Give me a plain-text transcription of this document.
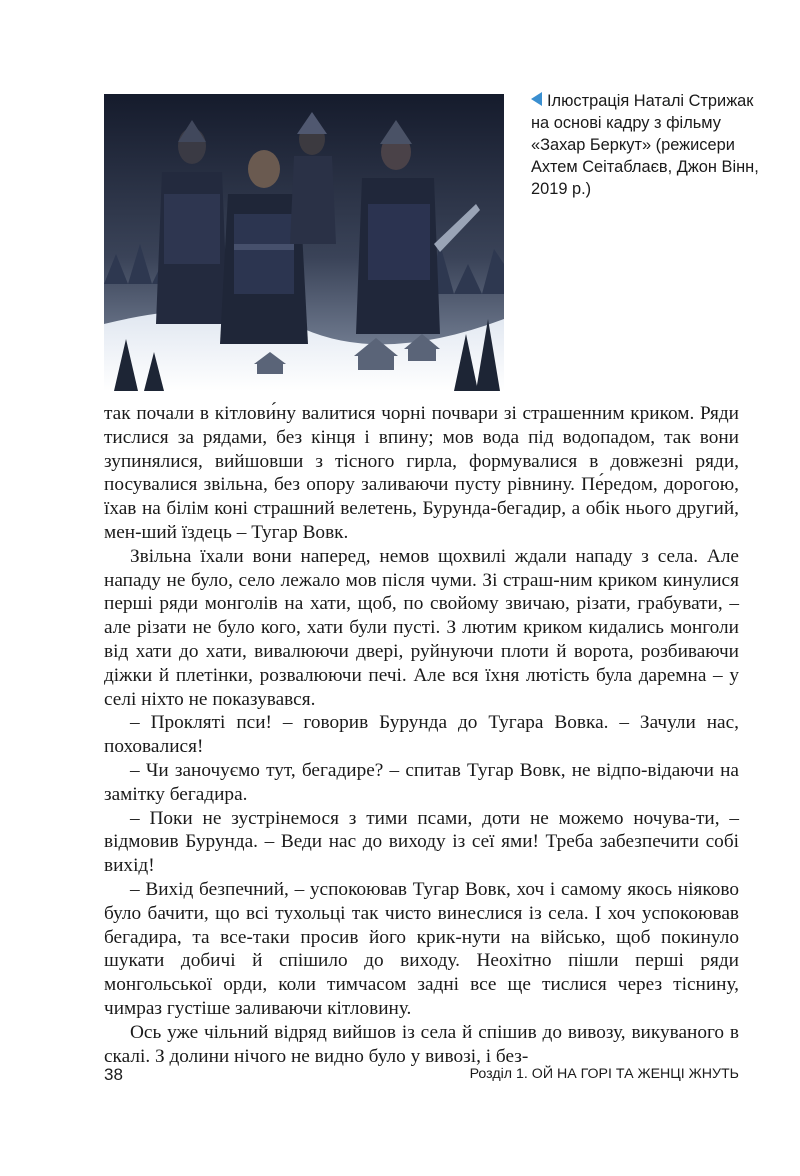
Ілюстрація Наталі Стрижак на основі кадру з фільму «Захар Беркут» (режисери Ахтем Сеітаблаєв, Джон Вінн, 2019 р.)

так почали в кітлови́ну валитися чорні почвари зі страшенним криком. Ряди тислися за рядами, без кінця і впину; мов вода під водопадом, так вони зупинялися, вийшовши з тісного гирла, формувалися в довжезні ряди, посувалися звільна, без опору заливаючи пусту рівнину. Пе́редом, дорогою, їхав на білім коні страшний велетень, Бурунда-бегадир, а обік нього другий, мен-ший їздець – Тугар Вовк.

Звільна їхали вони наперед, немов щохвилі ждали нападу з села. Але нападу не було, село лежало мов після чуми. Зі страш-ним криком кинулися перші ряди монголів на хати, щоб, по свойому звичаю, різати, грабувати, – але різати не було кого, хати були пусті. З лютим криком кидались монголи від хати до хати, вивалюючи двері, руйнуючи плоти й ворота, розбиваючи діжки й плетінки, розвалюючи печі. Але вся їхня лютість була даремна – у селі ніхто не показувався.

– Прокляті пси! – говорив Бурунда до Тугара Вовка. – Зачули нас, поховалися!

– Чи заночуємо тут, бегадире? – спитав Тугар Вовк, не відпо-відаючи на замітку бегадира.

– Поки не зустрінемося з тими псами, доти не можемо ночува-ти, – відмовив Бурунда. – Веди нас до виходу із сеї ями! Треба забезпечити собі вихід!

– Вихід безпечний, – успокоював Тугар Вовк, хоч і самому якось ніяково було бачити, що всі тухольці так чисто винеслися із села. І хоч успокоював бегадира, та все-таки просив його крик-нути на військо, щоб покинуло шукати добичі й спішило до виходу. Неохітно пішли перші ряди монгольської орди, коли тимчасом задні все ще тислися через тіснину, чимраз густіше заливаючи кітловину.

Ось уже чільний відряд вийшов із села й спішив до вивозу, викуваного в скалі. З долини нічого не видно було у вивозі, і без-

38	Розділ 1. ОЙ НА ГОРІ ТА ЖЕНЦІ ЖНУТЬ
